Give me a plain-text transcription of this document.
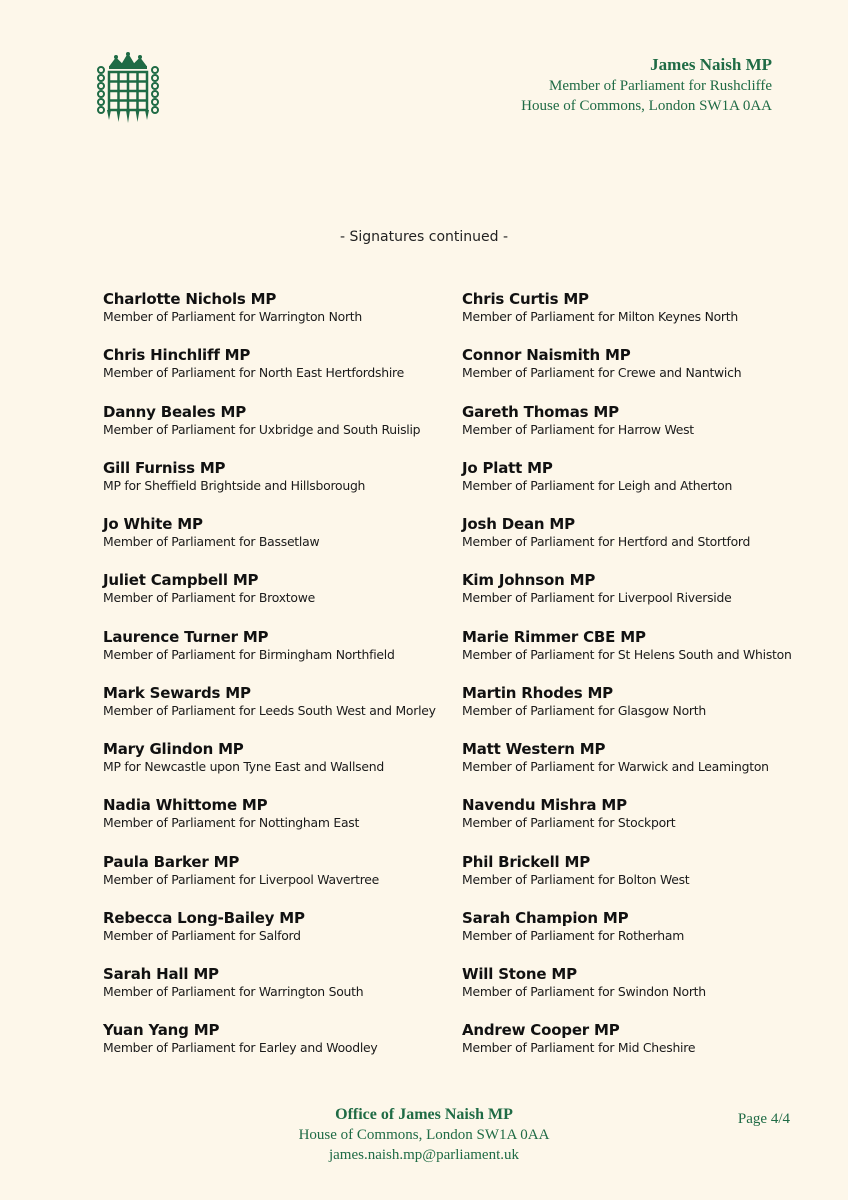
James Naish MP
Member of Parliament for Rushcliffe
House of Commons, London SW1A 0AA
- Signatures continued -
Charlotte Nichols MP
Member of Parliament for Warrington North
Chris Hinchliff MP
Member of Parliament for North East Hertfordshire
Danny Beales MP
Member of Parliament for Uxbridge and South Ruislip
Gill Furniss MP
MP for Sheffield Brightside and Hillsborough
Jo White MP
Member of Parliament for Bassetlaw
Juliet Campbell MP
Member of Parliament for Broxtowe
Laurence Turner MP
Member of Parliament for Birmingham Northfield
Mark Sewards MP
Member of Parliament for Leeds South West and Morley
Mary Glindon MP
MP for Newcastle upon Tyne East and Wallsend
Nadia Whittome MP
Member of Parliament for Nottingham East
Paula Barker MP
Member of Parliament for Liverpool Wavertree
Rebecca Long-Bailey MP
Member of Parliament for Salford
Sarah Hall MP
Member of Parliament for Warrington South
Yuan Yang MP
Member of Parliament for Earley and Woodley
Chris Curtis MP
Member of Parliament for Milton Keynes North
Connor Naismith MP
Member of Parliament for Crewe and Nantwich
Gareth Thomas MP
Member of Parliament for Harrow West
Jo Platt MP
Member of Parliament for Leigh and Atherton
Josh Dean MP
Member of Parliament for Hertford and Stortford
Kim Johnson MP
Member of Parliament for Liverpool Riverside
Marie Rimmer CBE MP
Member of Parliament for St Helens South and Whiston
Martin Rhodes MP
Member of Parliament for Glasgow North
Matt Western MP
Member of Parliament for Warwick and Leamington
Navendu Mishra MP
Member of Parliament for Stockport
Phil Brickell MP
Member of Parliament for Bolton West
Sarah Champion MP
Member of Parliament for Rotherham
Will Stone MP
Member of Parliament for Swindon North
Andrew Cooper MP
Member of Parliament for Mid Cheshire
Office of James Naish MP
House of Commons, London SW1A 0AA
james.naish.mp@parliament.uk
Page 4/4
